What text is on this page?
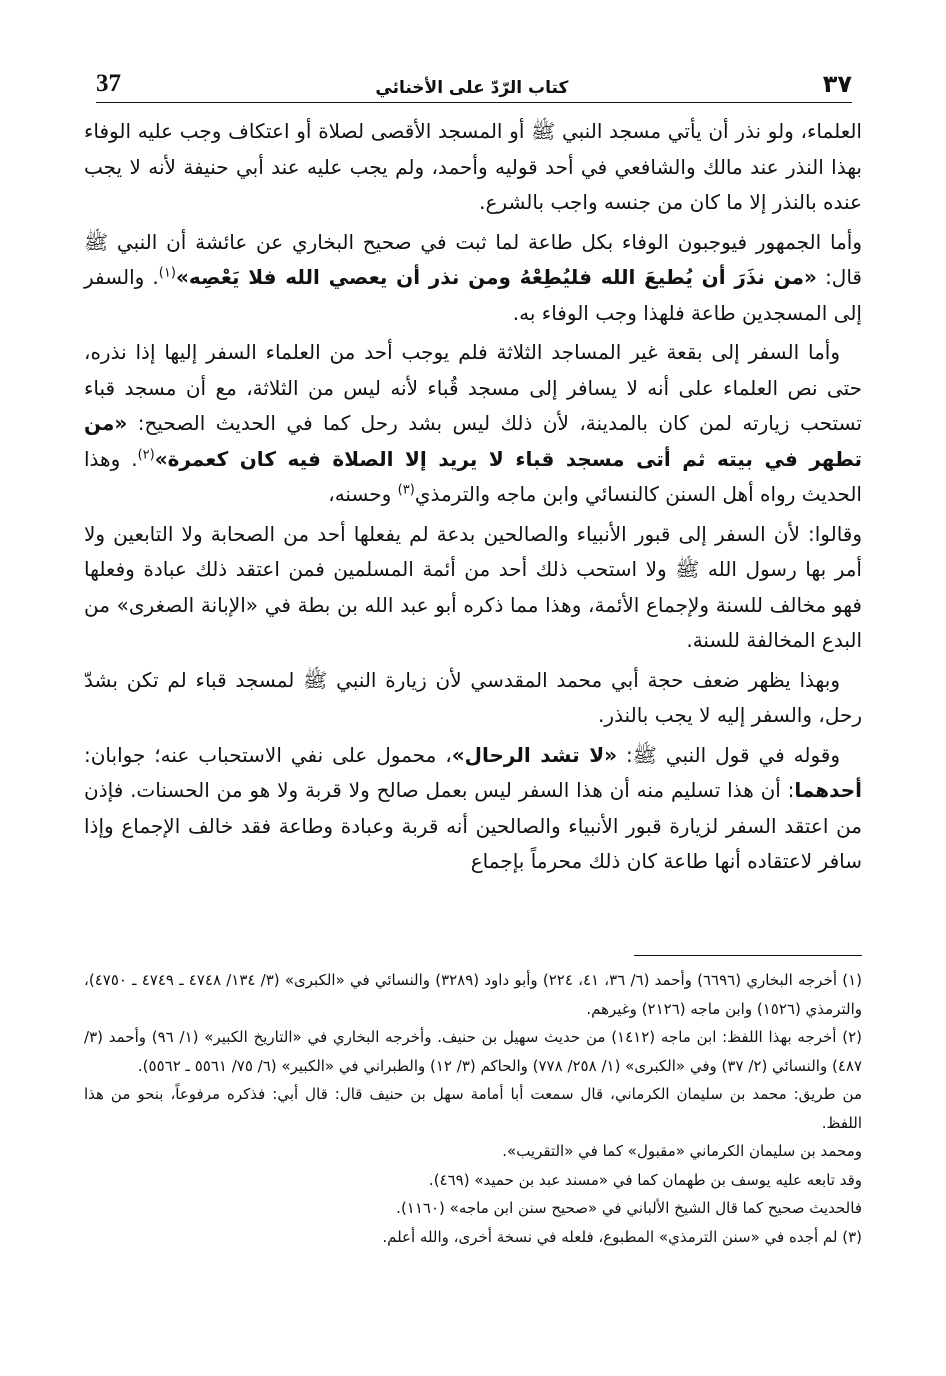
37	كتاب الرّدّ على الأخنائي	٣٧

العلماء، ولو نذر أن يأتي مسجد النبي ﷺ أو المسجد الأقصى لصلاة أو اعتكاف وجب عليه الوفاء بهذا النذر عند مالك والشافعي في أحد قوليه وأحمد، ولم يجب عليه عند أبي حنيفة لأنه لا يجب عنده بالنذر إلا ما كان من جنسه واجب بالشرع.

وأما الجمهور فيوجبون الوفاء بكل طاعة لما ثبت في صحيح البخاري عن عائشة أن النبي ﷺ قال: «من نذَرَ أن يُطيعَ الله فليُطِعْهُ ومن نذر أن يعصي الله فلا يَعْصِه»$^{(١)}$. والسفر إلى المسجدين طاعة فلهذا وجب الوفاء به.

وأما السفر إلى بقعة غير المساجد الثلاثة فلم يوجب أحد من العلماء السفر إليها إذا نذره، حتى نص العلماء على أنه لا يسافر إلى مسجد قُباء لأنه ليس من الثلاثة، مع أن مسجد قباء تستحب زيارته لمن كان بالمدينة، لأن ذلك ليس بشد رحل كما في الحديث الصحيح: «من تطهر في بيته ثم أتى مسجد قباء لا يريد إلا الصلاة فيه كان كعمرة»$^{(٢)}$. وهذا الحديث رواه أهل السنن كالنسائي وابن ماجه والترمذي$^{(٣)}$ وحسنه،

وقالوا: لأن السفر إلى قبور الأنبياء والصالحين بدعة لم يفعلها أحد من الصحابة ولا التابعين ولا أمر بها رسول الله ﷺ ولا استحب ذلك أحد من أئمة المسلمين فمن اعتقد ذلك عبادة وفعلها فهو مخالف للسنة ولإجماع الأئمة، وهذا مما ذكره أبو عبد الله بن بطة في «الإبانة الصغرى» من البدع المخالفة للسنة.

وبهذا يظهر ضعف حجة أبي محمد المقدسي لأن زيارة النبي ﷺ لمسجد قباء لم تكن بشدّ رحل، والسفر إليه لا يجب بالنذر.

وقوله في قول النبي ﷺ: «لا تشد الرحال»، محمول على نفي الاستحباب عنه؛ جوابان: أحدهما: أن هذا تسليم منه أن هذا السفر ليس بعمل صالح ولا قربة ولا هو من الحسنات. فإذن من اعتقد السفر لزيارة قبور الأنبياء والصالحين أنه قربة وعبادة وطاعة فقد خالف الإجماع وإذا سافر لاعتقاده أنها طاعة كان ذلك محرماً بإجماع

(١) أخرجه البخاري (٦٦٩٦) وأحمد (٦/ ٣٦، ٤١، ٢٢٤) وأبو داود (٣٢٨٩) والنسائي في «الكبرى» (٣/ ١٣٤/ ٤٧٤٨ ـ ٤٧٤٩ ـ ٤٧٥٠)، والترمذي (١٥٢٦) وابن ماجه (٢١٢٦) وغيرهم.

(٢) أخرجه بهذا اللفظ: ابن ماجه (١٤١٢) من حديث سهيل بن حنيف. وأخرجه البخاري في «التاريخ الكبير» (١/ ٩٦) وأحمد (٣/ ٤٨٧) والنسائي (٢/ ٣٧) وفي «الكبرى» (١/ ٢٥٨/ ٧٧٨) والحاكم (٣/ ١٢) والطبراني في «الكبير» (٦/ ٧٥/ ٥٥٦١ ـ ٥٥٦٢).

من طريق: محمد بن سليمان الكرماني، قال سمعت أبا أمامة سهل بن حنيف قال: قال أبي: فذكره مرفوعاً، بنحو من هذا اللفظ.

ومحمد بن سليمان الكرماني «مقبول» كما في «التقريب».

وقد تابعه عليه يوسف بن طهمان كما في «مسند عبد بن حميد» (٤٦٩).

فالحديث صحيح كما قال الشيخ الألباني في «صحيح سنن ابن ماجه» (١١٦٠).

(٣) لم أجده في «سنن الترمذي» المطبوع، فلعله في نسخة أخرى، والله أعلم.
